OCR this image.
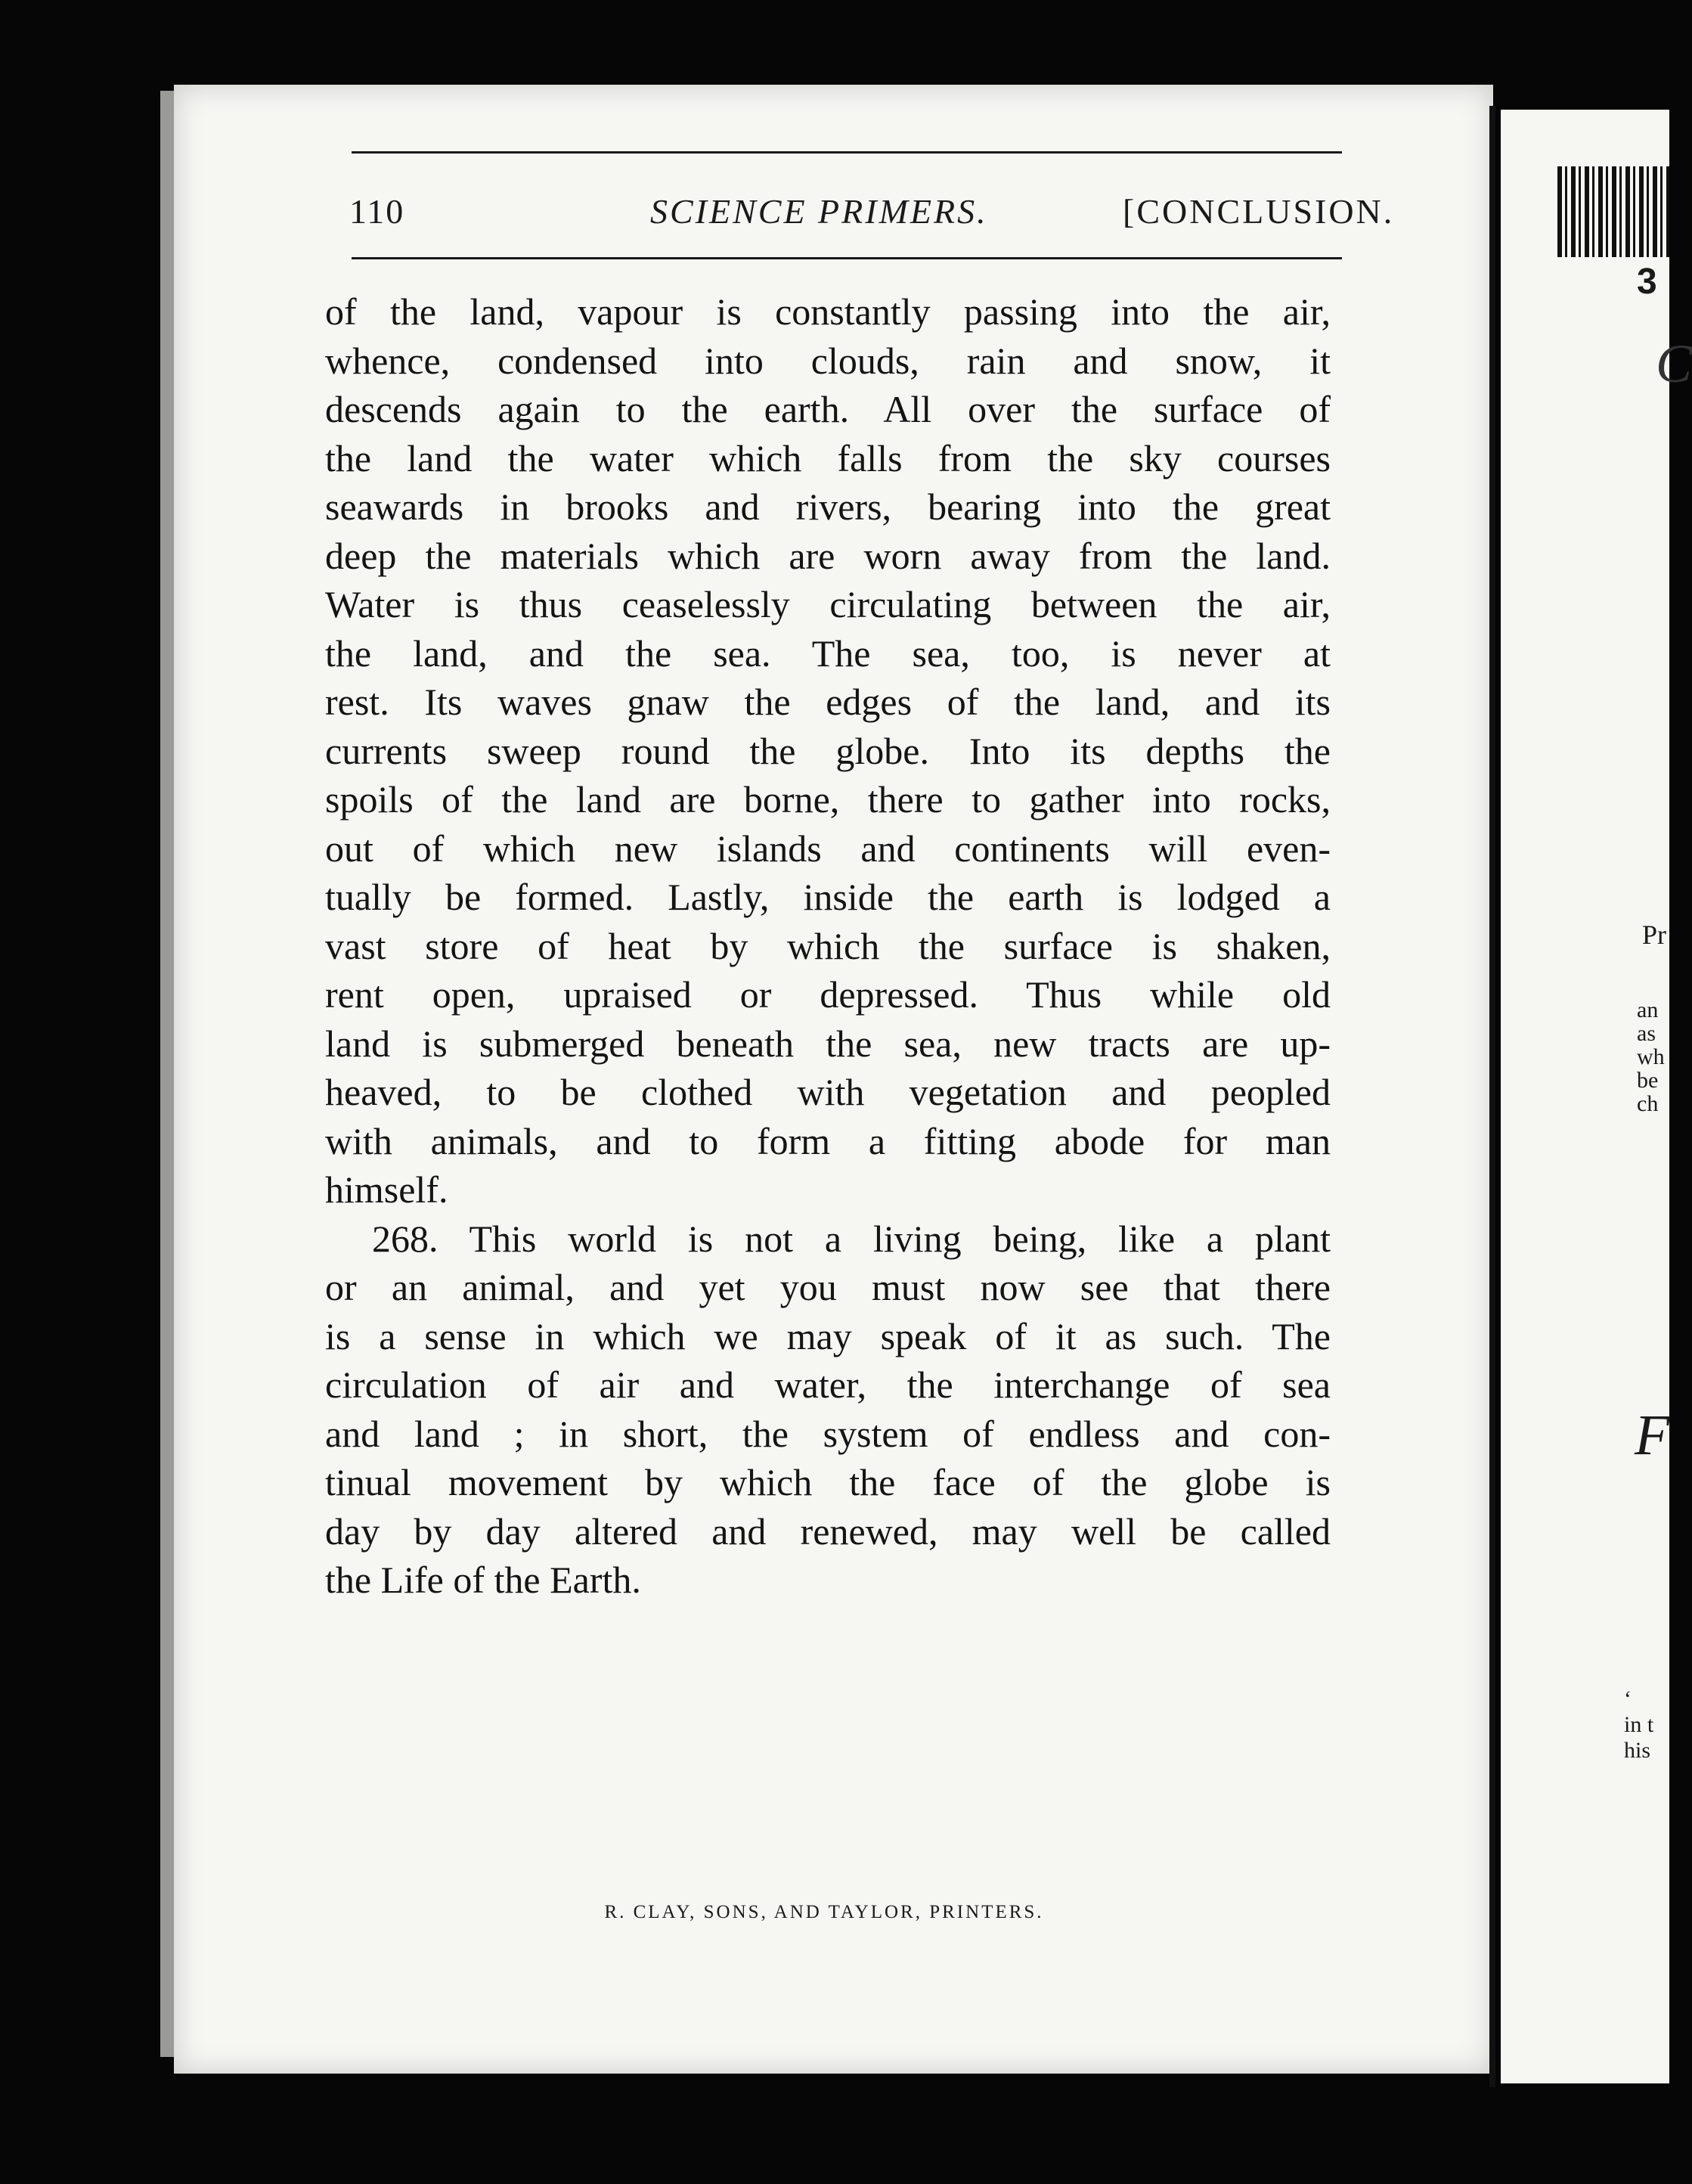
110	SCIENCE PRIMERS.	[CONCLUSION.
of the land, vapour is constantly passing into the air,
whence, condensed into clouds, rain and snow, it
descends again to the earth. All over the surface of
the land the water which falls from the sky courses
seawards in brooks and rivers, bearing into the great
deep the materials which are worn away from the land.
Water is thus ceaselessly circulating between the air,
the land, and the sea. The sea, too, is never at
rest. Its waves gnaw the edges of the land, and its
currents sweep round the globe. Into its depths the
spoils of the land are borne, there to gather into rocks,
out of which new islands and continents will even-
tually be formed. Lastly, inside the earth is lodged a
vast store of heat by which the surface is shaken,
rent open, upraised or depressed. Thus while old
land is submerged beneath the sea, new tracts are up-
heaved, to be clothed with vegetation and peopled
with animals, and to form a fitting abode for man
himself.
268. This world is not a living being, like a plant
or an animal, and yet you must now see that there
is a sense in which we may speak of it as such. The
circulation of air and water, the interchange of sea
and land ; in short, the system of endless and con-
tinual movement by which the face of the globe is
day by day altered and renewed, may well be called
the Life of the Earth.
R. CLAY, SONS, AND TAYLOR, PRINTERS.
3
C
Pr
an
as
wh
be
ch
F
‘
in t
his
